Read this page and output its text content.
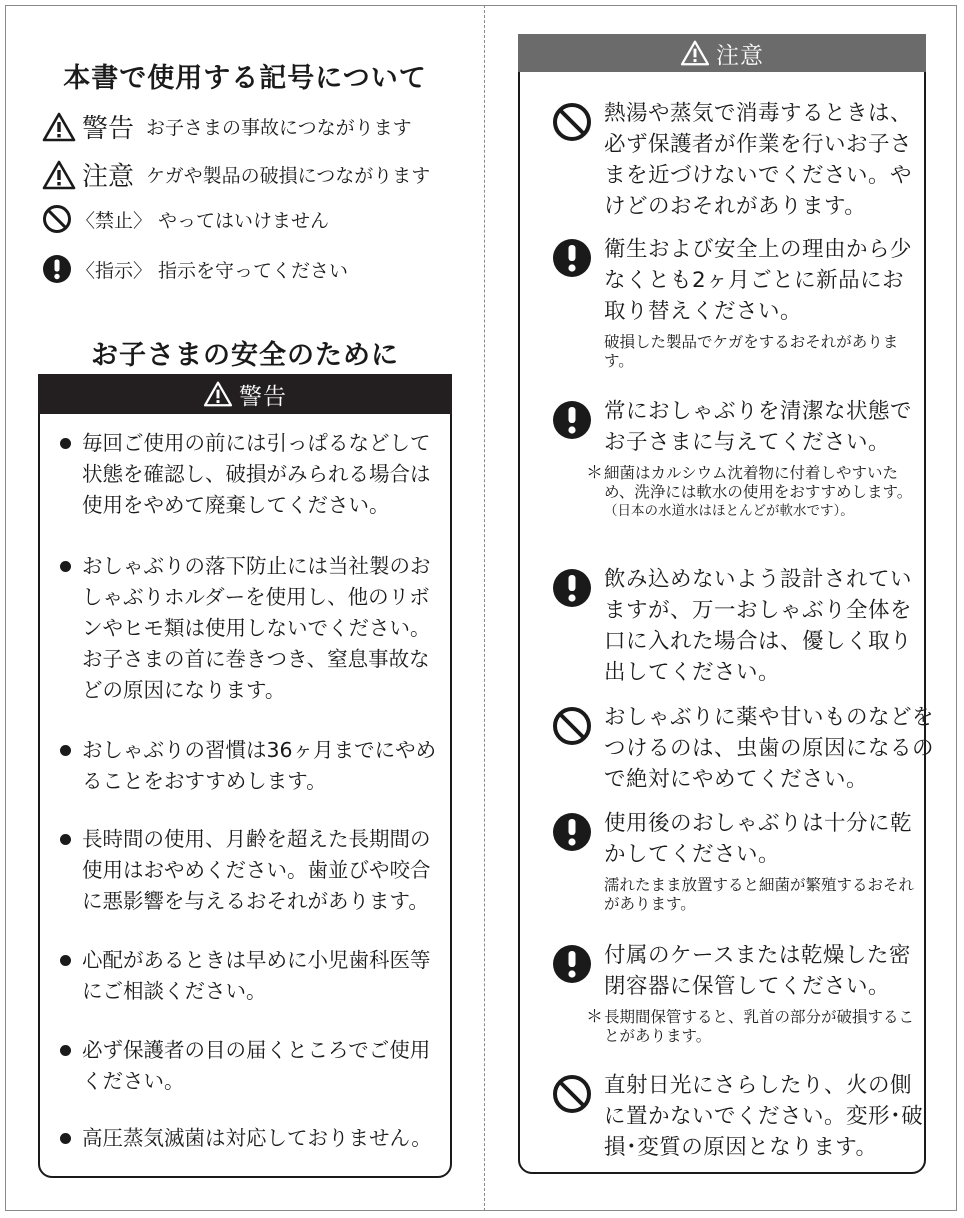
本書で使用する記号について
警告 お子さまの事故につながります
注意 ケガや製品の破損につながります
〈禁止〉 やってはいけません
〈指示〉 指示を守ってください
お子さまの安全のために
警告
毎回ご使用の前には引っぱるなどして状態を確認し、破損がみられる場合は使用をやめて廃棄してください。
おしゃぶりの落下防止には当社製のおしゃぶりホルダーを使用し、他のリボンやヒモ類は使用しないでください。お子さまの首に巻きつき、窒息事故などの原因になります。
おしゃぶりの習慣は36ヶ月までにやめることをおすすめします。
長時間の使用、月齢を超えた長期間の使用はおやめください。歯並びや咬合に悪影響を与えるおそれがあります。
心配があるときは早めに小児歯科医等にご相談ください。
必ず保護者の目の届くところでご使用ください。
高圧蒸気滅菌は対応しておりません。
注意
熱湯や蒸気で消毒するときは、必ず保護者が作業を行いお子さまを近づけないでください。やけどのおそれがあります。
衛生および安全上の理由から少なくとも2ヶ月ごとに新品にお取り替えください。
破損した製品でケガをするおそれがあります。
常におしゃぶりを清潔な状態でお子さまに与えてください。
＊ 細菌はカルシウム沈着物に付着しやすいため、洗浄には軟水の使用をおすすめします。
（日本の水道水はほとんどが軟水です）。
飲み込めないよう設計されていますが、万一おしゃぶり全体を口に入れた場合は、優しく取り出してください。
おしゃぶりに薬や甘いものなどをつけるのは、虫歯の原因になるので絶対にやめてください。
使用後のおしゃぶりは十分に乾かしてください。
濡れたまま放置すると細菌が繁殖するおそれがあります。
付属のケースまたは乾燥した密閉容器に保管してください。
＊ 長期間保管すると、乳首の部分が破損することがあります。
直射日光にさらしたり、火の側に置かないでください。変形･破損･変質の原因となります。
